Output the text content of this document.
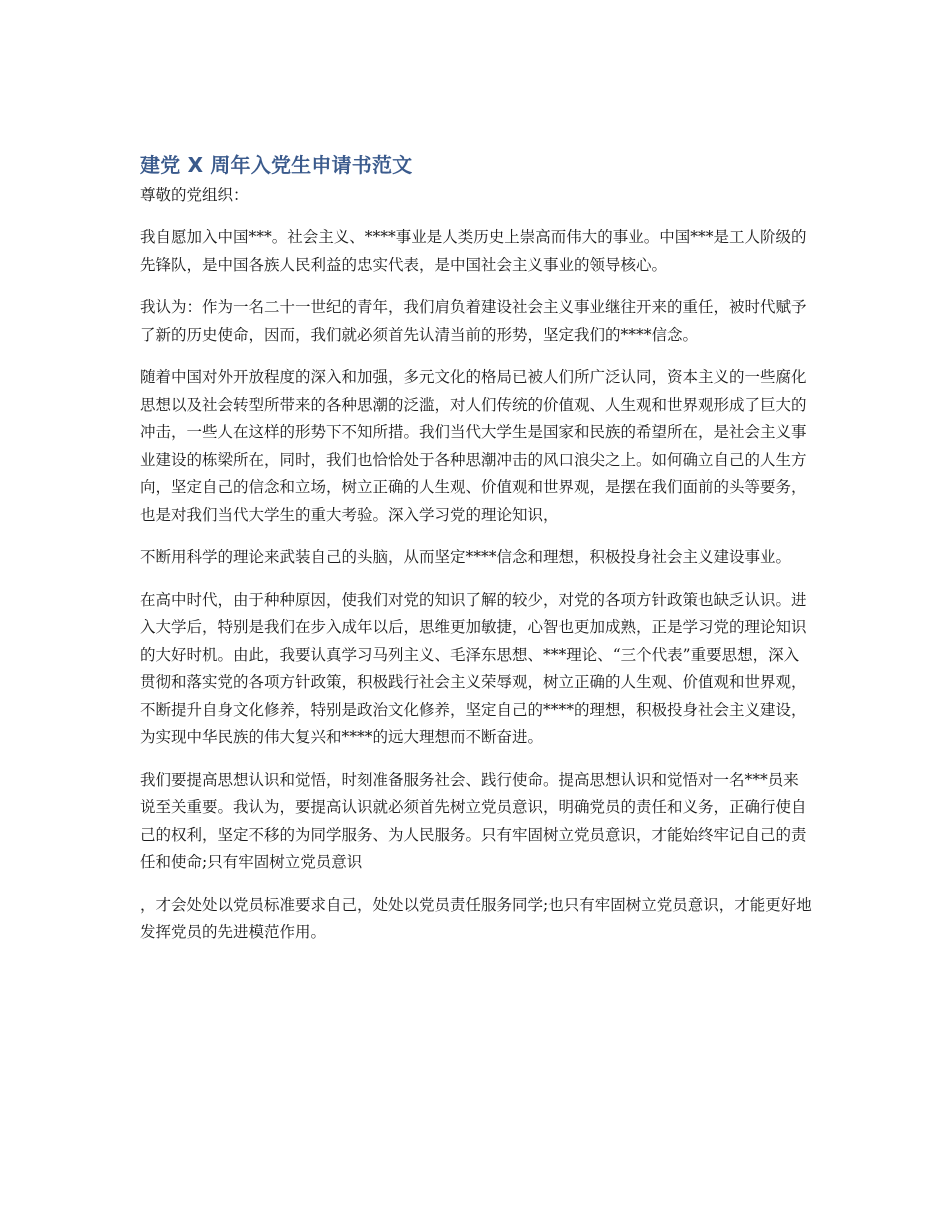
建党 X 周年入党生申请书范文

尊敬的党组织：

我自愿加入中国***。社会主义、****事业是人类历史上崇高而伟大的事业。中国***是工人阶级的先锋队，是中国各族人民利益的忠实代表，是中国社会主义事业的领导核心。

我认为：作为一名二十一世纪的青年，我们肩负着建设社会主义事业继往开来的重任，被时代赋予了新的历史使命，因而，我们就必须首先认清当前的形势，坚定我们的****信念。

随着中国对外开放程度的深入和加强，多元文化的格局已被人们所广泛认同，资本主义的一些腐化思想以及社会转型所带来的各种思潮的泛滥，对人们传统的价值观、人生观和世界观形成了巨大的冲击，一些人在这样的形势下不知所措。我们当代大学生是国家和民族的希望所在，是社会主义事业建设的栋梁所在，同时，我们也恰恰处于各种思潮冲击的风口浪尖之上。如何确立自己的人生方向，坚定自己的信念和立场，树立正确的人生观、价值观和世界观，是摆在我们面前的头等要务，也是对我们当代大学生的重大考验。深入学习党的理论知识，

不断用科学的理论来武装自己的头脑，从而坚定****信念和理想，积极投身社会主义建设事业。

在高中时代，由于种种原因，使我们对党的知识了解的较少，对党的各项方针政策也缺乏认识。进入大学后，特别是我们在步入成年以后，思维更加敏捷，心智也更加成熟，正是学习党的理论知识的大好时机。由此，我要认真学习马列主义、毛泽东思想、***理论、“三个代表”重要思想，深入贯彻和落实党的各项方针政策，积极践行社会主义荣辱观，树立正确的人生观、价值观和世界观，不断提升自身文化修养，特别是政治文化修养，坚定自己的****的理想，积极投身社会主义建设，为实现中华民族的伟大复兴和****的远大理想而不断奋进。

我们要提高思想认识和觉悟，时刻准备服务社会、践行使命。提高思想认识和觉悟对一名***员来说至关重要。我认为，要提高认识就必须首先树立党员意识，明确党员的责任和义务，正确行使自己的权利，坚定不移的为同学服务、为人民服务。只有牢固树立党员意识，才能始终牢记自己的责任和使命;只有牢固树立党员意识

，才会处处以党员标准要求自己，处处以党员责任服务同学;也只有牢固树立党员意识，才能更好地发挥党员的先进模范作用。
